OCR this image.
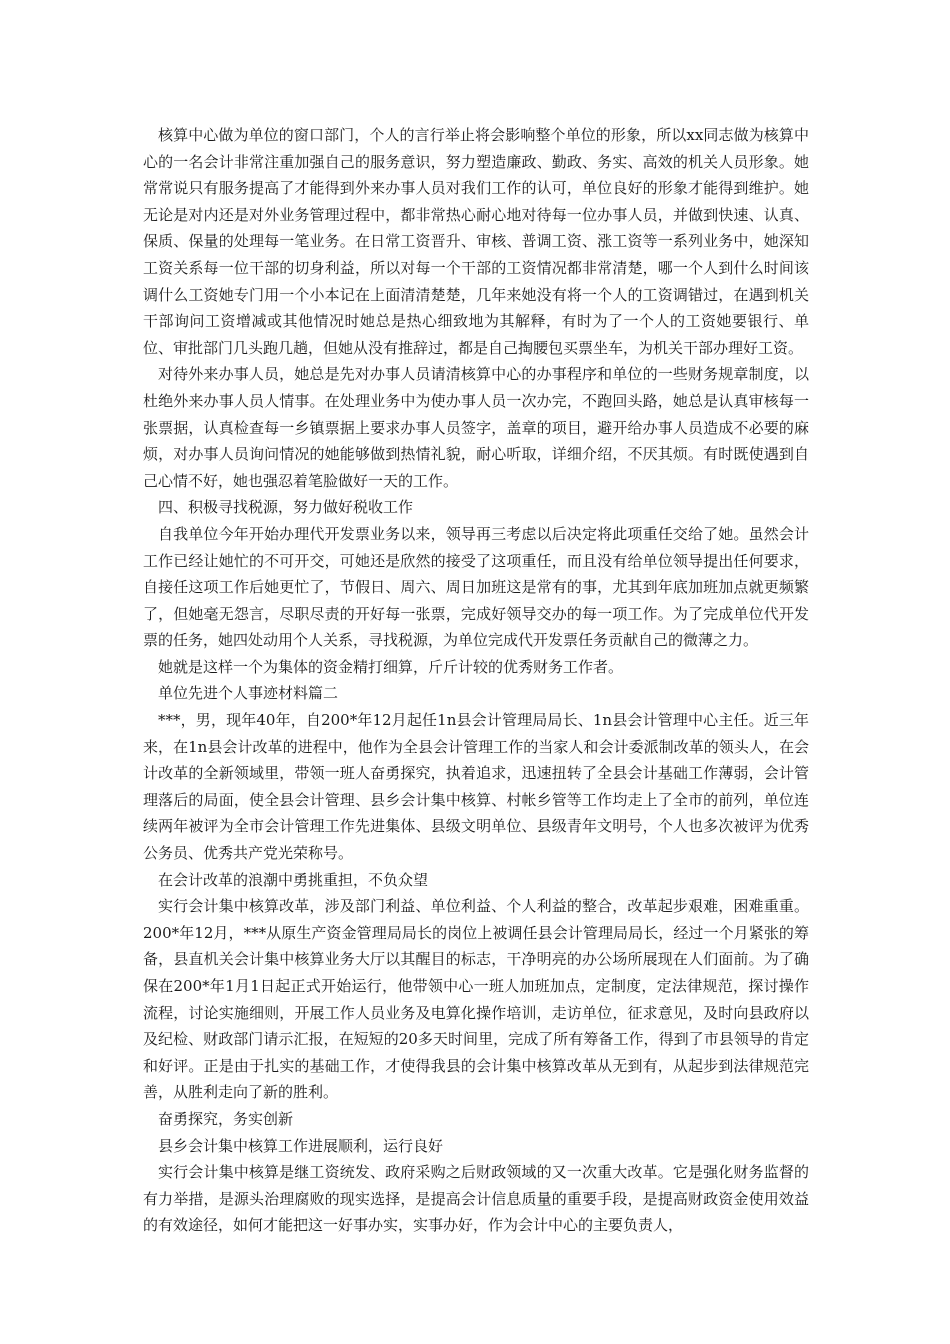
核算中心做为单位的窗口部门，个人的言行举止将会影响整个单位的形象，所以xx同志做为核算中心的一名会计非常注重加强自己的服务意识，努力塑造廉政、勤政、务实、高效的机关人员形象。她常常说只有服务提高了才能得到外来办事人员对我们工作的认可，单位良好的形象才能得到维护。她无论是对内还是对外业务管理过程中，都非常热心耐心地对待每一位办事人员，并做到快速、认真、保质、保量的处理每一笔业务。在日常工资晋升、审核、普调工资、涨工资等一系列业务中，她深知工资关系每一位干部的切身利益，所以对每一个干部的工资情况都非常清楚，哪一个人到什么时间该调什么工资她专门用一个小本记在上面清清楚楚，几年来她没有将一个人的工资调错过，在遇到机关干部询问工资增减或其他情况时她总是热心细致地为其解释，有时为了一个人的工资她要银行、单位、审批部门几头跑几趟，但她从没有推辞过，都是自己掏腰包买票坐车，为机关干部办理好工资。

对待外来办事人员，她总是先对办事人员请清核算中心的办事程序和单位的一些财务规章制度，以杜绝外来办事人员人情事。在处理业务中为使办事人员一次办完，不跑回头路，她总是认真审核每一张票据，认真检查每一乡镇票据上要求办事人员签字，盖章的项目，避开给办事人员造成不必要的麻烦，对办事人员询问情况的她能够做到热情礼貌，耐心听取，详细介绍，不厌其烦。有时既使遇到自己心情不好，她也强忍着笔脸做好一天的工作。

四、积极寻找税源，努力做好税收工作

自我单位今年开始办理代开发票业务以来，领导再三考虑以后决定将此项重任交给了她。虽然会计工作已经让她忙的不可开交，可她还是欣然的接受了这项重任，而且没有给单位领导提出任何要求，自接任这项工作后她更忙了，节假日、周六、周日加班这是常有的事，尤其到年底加班加点就更频繁了，但她毫无怨言，尽职尽责的开好每一张票，完成好领导交办的每一项工作。为了完成单位代开发票的任务，她四处动用个人关系，寻找税源，为单位完成代开发票任务贡献自己的微薄之力。

她就是这样一个为集体的资金精打细算，斤斤计较的优秀财务工作者。

单位先进个人事迹材料篇二

***，男，现年40年，自200*年12月起任1n县会计管理局局长、1n县会计管理中心主任。近三年来，在1n县会计改革的进程中，他作为全县会计管理工作的当家人和会计委派制改革的领头人，在会计改革的全新领域里，带领一班人奋勇探究，执着追求，迅速扭转了全县会计基础工作薄弱，会计管理落后的局面，使全县会计管理、县乡会计集中核算、村帐乡管等工作均走上了全市的前列，单位连续两年被评为全市会计管理工作先进集体、县级文明单位、县级青年文明号，个人也多次被评为优秀公务员、优秀共产党光荣称号。

在会计改革的浪潮中勇挑重担，不负众望

实行会计集中核算改革，涉及部门利益、单位利益、个人利益的整合，改革起步艰难，困难重重。200*年12月，***从原生产资金管理局局长的岗位上被调任县会计管理局局长，经过一个月紧张的筹备，县直机关会计集中核算业务大厅以其醒目的标志，干净明亮的办公场所展现在人们面前。为了确保在200*年1月1日起正式开始运行，他带领中心一班人加班加点，定制度，定法律规范，探讨操作流程，讨论实施细则，开展工作人员业务及电算化操作培训，走访单位，征求意见，及时向县政府以及纪检、财政部门请示汇报，在短短的20多天时间里，完成了所有筹备工作，得到了市县领导的肯定和好评。正是由于扎实的基础工作，才使得我县的会计集中核算改革从无到有，从起步到法律规范完善，从胜利走向了新的胜利。

奋勇探究，务实创新

县乡会计集中核算工作进展顺利，运行良好

实行会计集中核算是继工资统发、政府采购之后财政领域的又一次重大改革。它是强化财务监督的有力举措，是源头治理腐败的现实选择，是提高会计信息质量的重要手段，是提高财政资金使用效益的有效途径，如何才能把这一好事办实，实事办好，作为会计中心的主要负责人，
